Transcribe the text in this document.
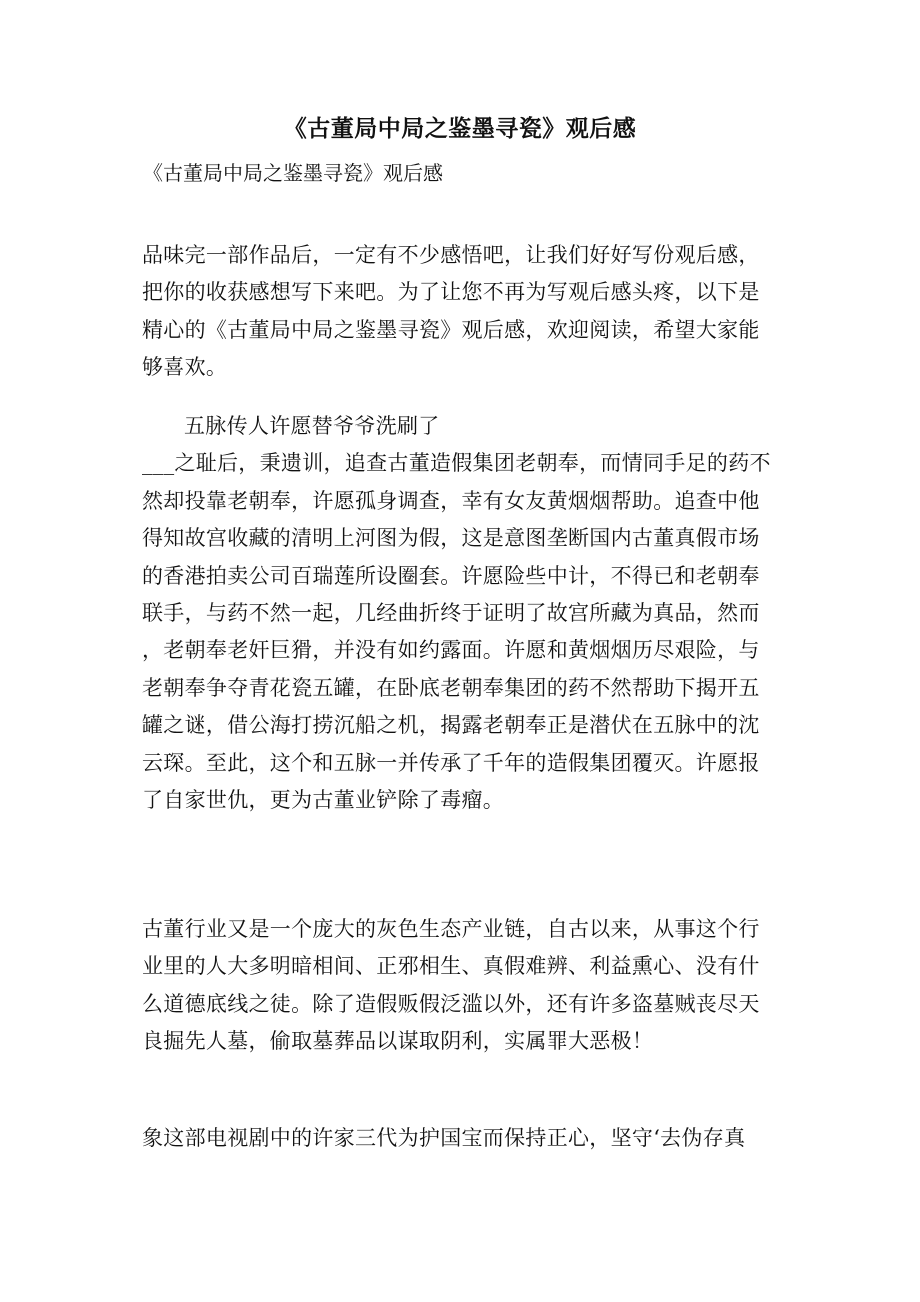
《古董局中局之鉴墨寻瓷》观后感
《古董局中局之鉴墨寻瓷》观后感
品味完一部作品后，一定有不少感悟吧，让我们好好写份观后感，
把你的收获感想写下来吧。为了让您不再为写观后感头疼，以下是
精心的《古董局中局之鉴墨寻瓷》观后感，欢迎阅读，希望大家能
够喜欢。
五脉传人许愿替爷爷洗刷了
___之耻后，秉遗训，追查古董造假集团老朝奉，而情同手足的药不
然却投靠老朝奉，许愿孤身调查，幸有女友黄烟烟帮助。追查中他
得知故宫收藏的清明上河图为假，这是意图垄断国内古董真假市场
的香港拍卖公司百瑞莲所设圈套。许愿险些中计，不得已和老朝奉
联手，与药不然一起，几经曲折终于证明了故宫所藏为真品，然而
，老朝奉老奸巨猾，并没有如约露面。许愿和黄烟烟历尽艰险，与
老朝奉争夺青花瓷五罐，在卧底老朝奉集团的药不然帮助下揭开五
罐之谜，借公海打捞沉船之机，揭露老朝奉正是潜伏在五脉中的沈
云琛。至此，这个和五脉一并传承了千年的造假集团覆灭。许愿报
了自家世仇，更为古董业铲除了毒瘤。
古董行业又是一个庞大的灰色生态产业链，自古以来，从事这个行
业里的人大多明暗相间、正邪相生、真假难辨、利益熏心、没有什
么道德底线之徒。除了造假贩假泛滥以外，还有许多盗墓贼丧尽天
良掘先人墓，偷取墓葬品以谋取阴利，实属罪大恶极！
象这部电视剧中的许家三代为护国宝而保持正心，坚守‘去伪存真
